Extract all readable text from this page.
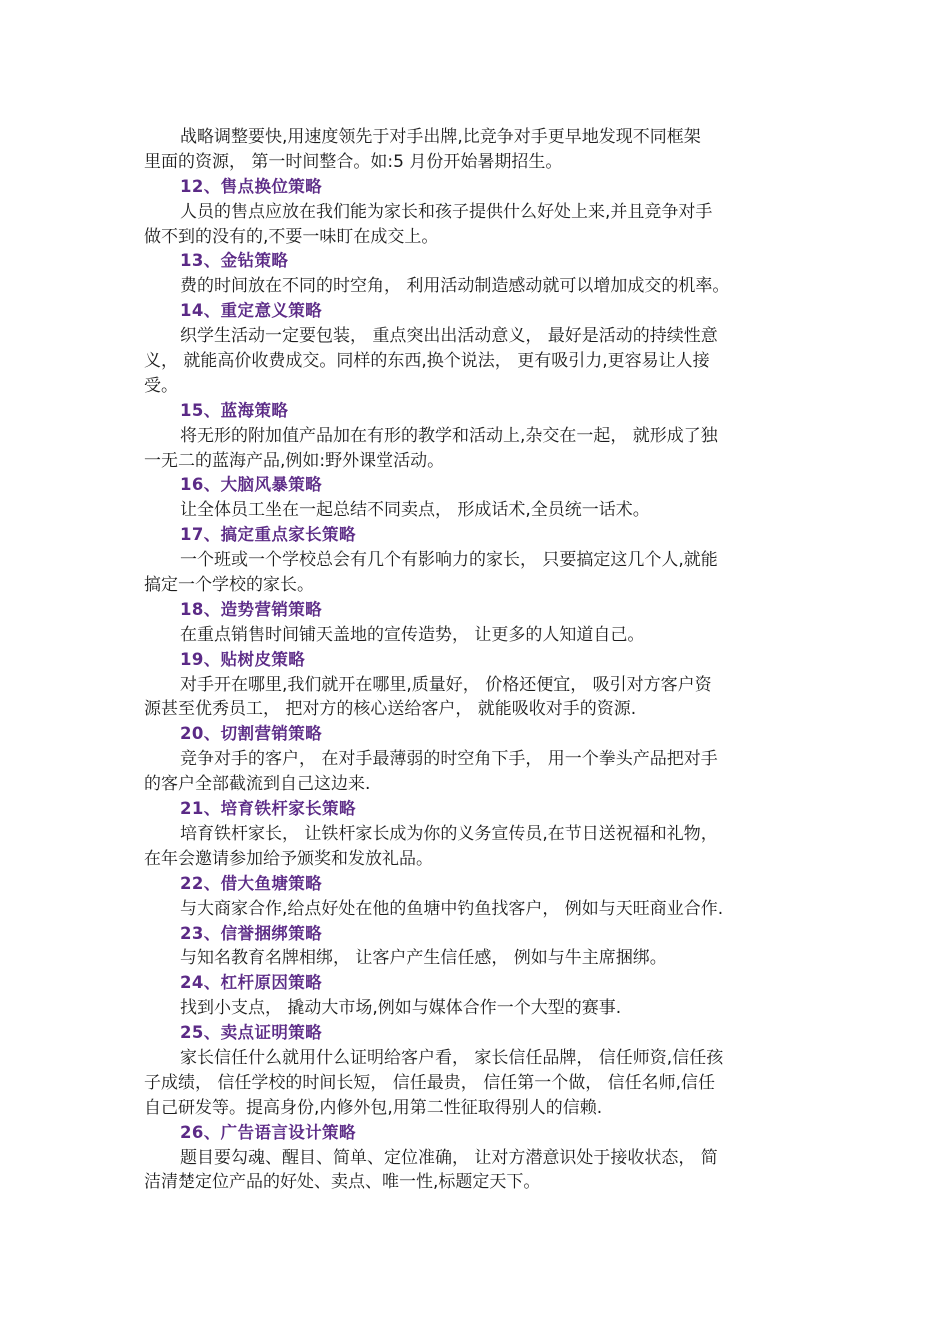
战略调整要快,用速度领先于对手出牌,比竞争对手更早地发现不同框架
里面的资源， 第一时间整合。如:5 月份开始暑期招生。
12、售点换位策略
人员的售点应放在我们能为家长和孩子提供什么好处上来,并且竞争对手
做不到的没有的,不要一味盯在成交上。
13、金钻策略
费的时间放在不同的时空角， 利用活动制造感动就可以增加成交的机率。
14、重定意义策略
织学生活动一定要包装， 重点突出出活动意义， 最好是活动的持续性意
义， 就能高价收费成交。同样的东西,换个说法， 更有吸引力,更容易让人接
受。
15、蓝海策略
将无形的附加值产品加在有形的教学和活动上,杂交在一起， 就形成了独
一无二的蓝海产品,例如:野外课堂活动。
16、大脑风暴策略
让全体员工坐在一起总结不同卖点， 形成话术,全员统一话术。
17、搞定重点家长策略
一个班或一个学校总会有几个有影响力的家长， 只要搞定这几个人,就能
搞定一个学校的家长。
18、造势营销策略
在重点销售时间铺天盖地的宣传造势， 让更多的人知道自己。
19、贴树皮策略
对手开在哪里,我们就开在哪里,质量好， 价格还便宜， 吸引对方客户资
源甚至优秀员工， 把对方的核心送给客户， 就能吸收对手的资源.
20、切割营销策略
竞争对手的客户， 在对手最薄弱的时空角下手， 用一个拳头产品把对手
的客户全部截流到自己这边来.
21、培育铁杆家长策略
培育铁杆家长， 让铁杆家长成为你的义务宣传员,在节日送祝福和礼物，
在年会邀请参加给予颁奖和发放礼品。
22、借大鱼塘策略
与大商家合作,给点好处在他的鱼塘中钓鱼找客户， 例如与天旺商业合作.
23、信誉捆绑策略
与知名教育名牌相绑， 让客户产生信任感， 例如与牛主席捆绑。
24、杠杆原因策略
找到小支点， 撬动大市场,例如与媒体合作一个大型的赛事.
25、卖点证明策略
家长信任什么就用什么证明给客户看， 家长信任品牌， 信任师资,信任孩
子成绩， 信任学校的时间长短， 信任最贵， 信任第一个做， 信任名师,信任
自己研发等。提高身份,内修外包,用第二性征取得别人的信赖.
26、广告语言设计策略
题目要勾魂、醒目、简单、定位准确， 让对方潜意识处于接收状态， 简
洁清楚定位产品的好处、卖点、唯一性,标题定天下。
